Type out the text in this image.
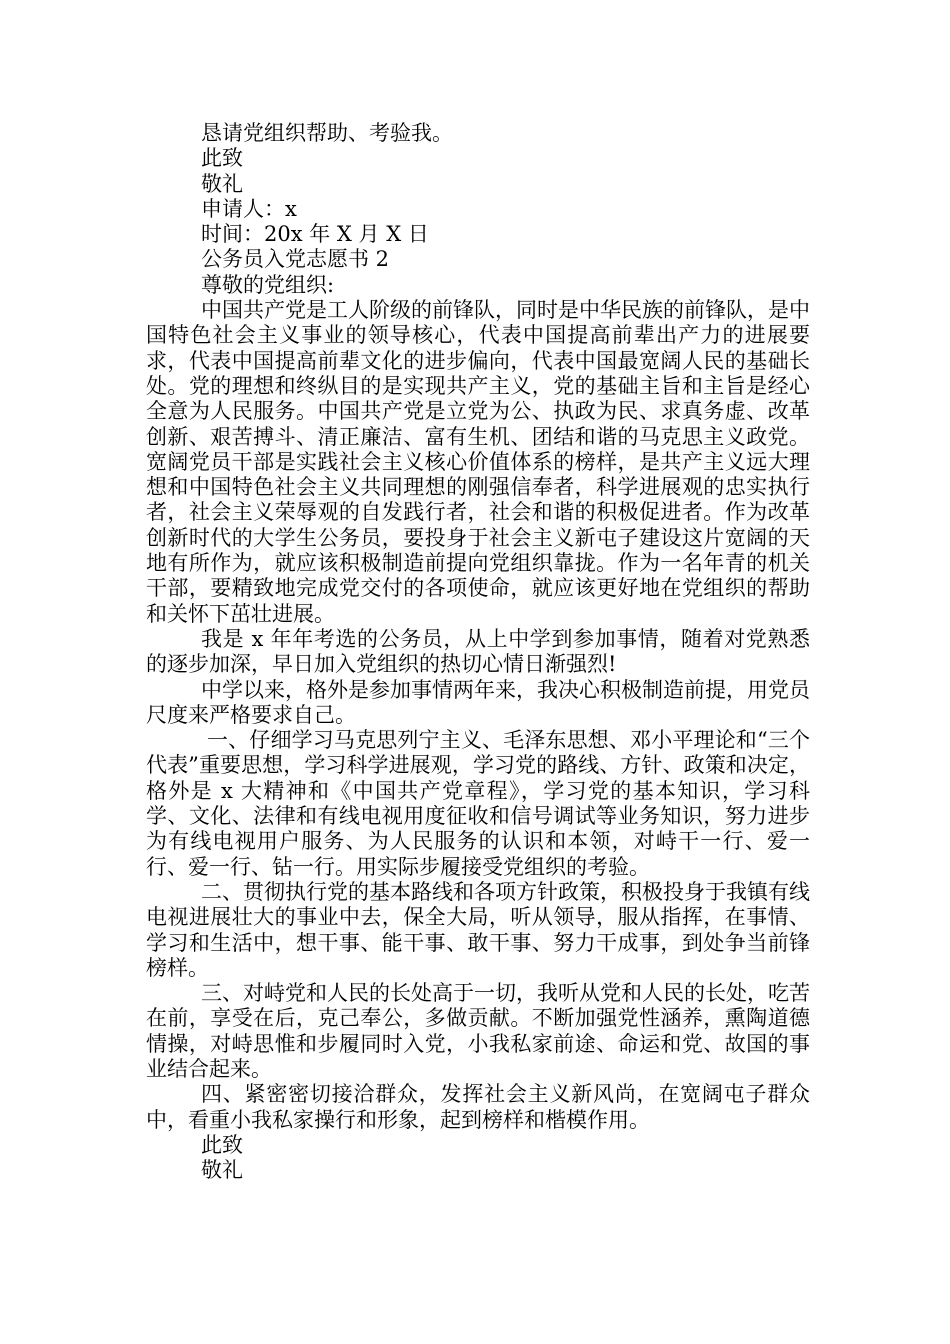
恳请党组织帮助、考验我。

此致

敬礼

申请人：x

时间：20x 年 X 月 X 日

公务员入党志愿书 2

尊敬的党组织:

中国共产党是工人阶级的前锋队，同时是中华民族的前锋队，是中国特色社会主义事业的领导核心，代表中国提高前辈出产力的进展要求，代表中国提高前辈文化的进步偏向，代表中国最宽阔人民的基础长处。党的理想和终纵目的是实现共产主义，党的基础主旨和主旨是经心全意为人民服务。中国共产党是立党为公、执政为民、求真务虚、改革创新、艰苦搏斗、清正廉洁、富有生机、团结和谐的马克思主义政党。宽阔党员干部是实践社会主义核心价值体系的榜样，是共产主义远大理想和中国特色社会主义共同理想的刚强信奉者，科学进展观的忠实执行者，社会主义荣辱观的自发践行者，社会和谐的积极促进者。作为改革创新时代的大学生公务员，要投身于社会主义新屯子建设这片宽阔的天地有所作为，就应该积极制造前提向党组织靠拢。作为一名年青的机关干部，要精致地完成党交付的各项使命，就应该更好地在党组织的帮助和关怀下茁壮进展。

我是 x 年年考选的公务员，从上中学到参加事情，随着对党熟悉的逐步加深，早日加入党组织的热切心情日渐强烈!

中学以来，格外是参加事情两年来，我决心积极制造前提，用党员尺度来严格要求自己。

一、仔细学习马克思列宁主义、毛泽东思想、邓小平理论和“三个代表”重要思想，学习科学进展观，学习党的路线、方针、政策和决定，格外是 x 大精神和《中国共产党章程》，学习党的基本知识，学习科学、文化、法律和有线电视用度征收和信号调试等业务知识，努力进步为有线电视用户服务、为人民服务的认识和本领，对峙干一行、爱一行、爱一行、钻一行。用实际步履接受党组织的考验。

二、贯彻执行党的基本路线和各项方针政策，积极投身于我镇有线电视进展壮大的事业中去，保全大局，听从领导，服从指挥，在事情、学习和生活中，想干事、能干事、敢干事、努力干成事，到处争当前锋榜样。

三、对峙党和人民的长处高于一切，我听从党和人民的长处，吃苦在前，享受在后，克己奉公，多做贡献。不断加强党性涵养，熏陶道德情操，对峙思惟和步履同时入党，小我私家前途、命运和党、故国的事业结合起来。

四、紧密密切接洽群众，发挥社会主义新风尚，在宽阔屯子群众中，看重小我私家操行和形象，起到榜样和楷模作用。

此致

敬礼
